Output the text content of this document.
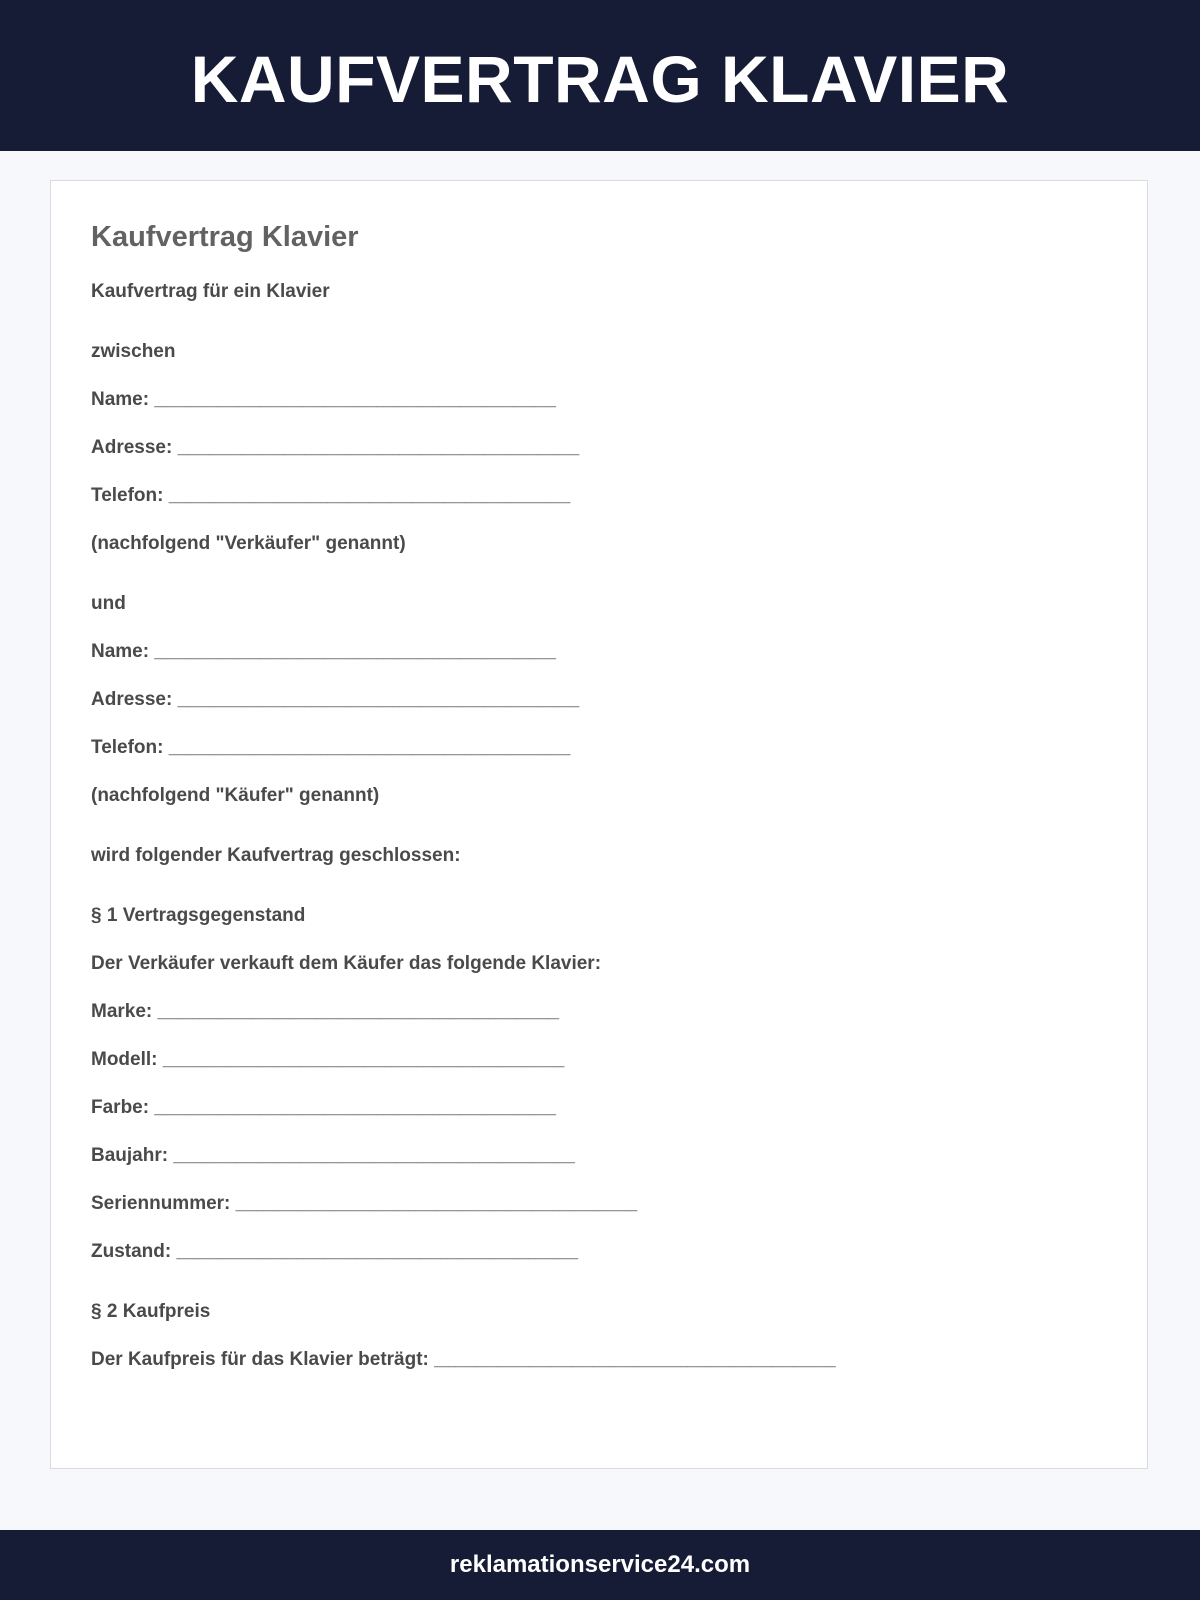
KAUFVERTRAG KLAVIER
Kaufvertrag Klavier
Kaufvertrag für ein Klavier
zwischen
Name: ______________________________________
Adresse: ______________________________________
Telefon: ______________________________________
(nachfolgend "Verkäufer" genannt)
und
Name: ______________________________________
Adresse: ______________________________________
Telefon: ______________________________________
(nachfolgend "Käufer" genannt)
wird folgender Kaufvertrag geschlossen:
§ 1 Vertragsgegenstand
Der Verkäufer verkauft dem Käufer das folgende Klavier:
Marke: ______________________________________
Modell: ______________________________________
Farbe: ______________________________________
Baujahr: ______________________________________
Seriennummer: ______________________________________
Zustand: ______________________________________
§ 2 Kaufpreis
Der Kaufpreis für das Klavier beträgt: ______________________________________
reklamationservice24.com
